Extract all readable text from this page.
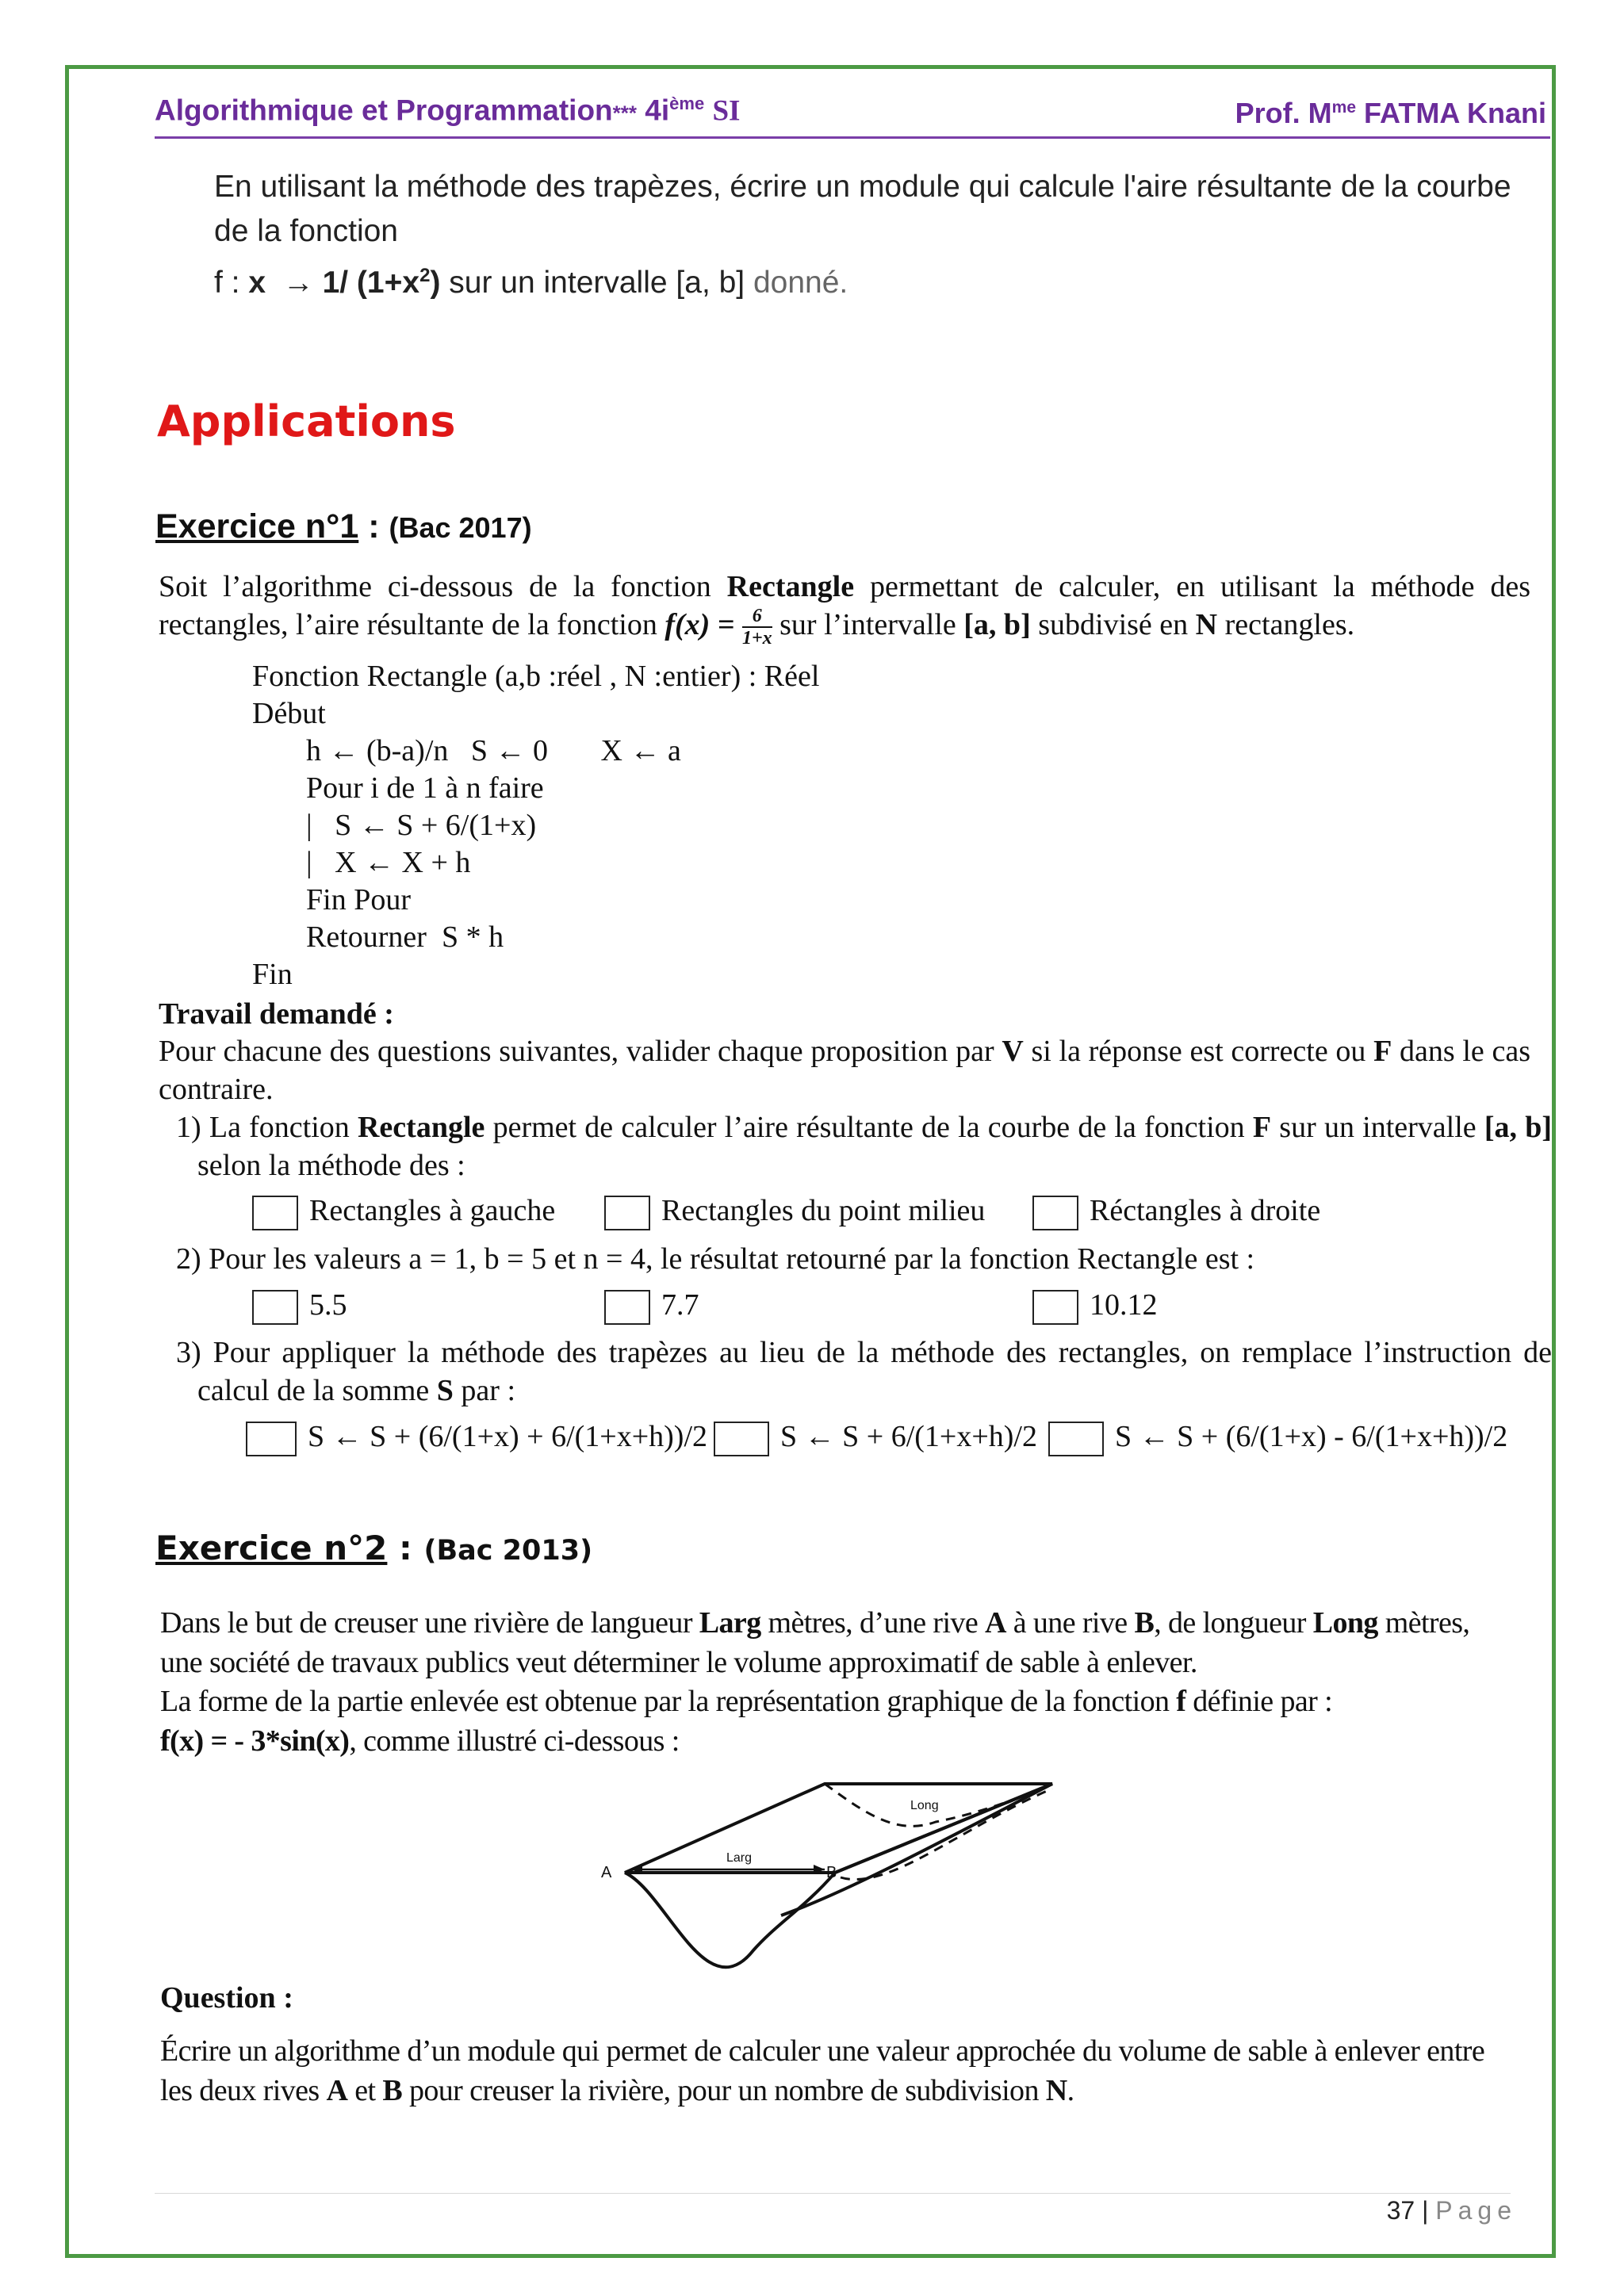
Algorithmique et Programmation*** $4i^{ème}$ SI	Prof. $M^{me}$ FATMA Knani
En utilisant la méthode des trapèzes, écrire un module qui calcule l'aire résultante de la courbe de la fonction
f : x → 1/ $(1+x^2)$ sur un intervalle [a, b] donné.
Applications
Exercice n°1 : (Bac 2017)
Soit l’algorithme ci-dessous de la fonction Rectangle permettant de calculer, en utilisant la méthode des rectangles, l’aire résultante de la fonction $f(x) = \frac{6}{1+x}$ sur l’intervalle [a, b] subdivisé en N rectangles.
Fonction Rectangle (a,b :réel , N :entier) : Réel
Début
h ← (b-a)/n   S ← 0       X ← a
Pour i de 1 à n faire
|   S ← S + 6/(1+x)
|   X ← X + h
Fin Pour
Retourner  S * h
Fin
Travail demandé :
Pour chacune des questions suivantes, valider chaque proposition par V si la réponse est correcte ou F dans le cas contraire.
1) La fonction Rectangle permet de calculer l’aire résultante de la courbe de la fonction F sur un intervalle [a, b] selon la méthode des :
Rectangles à gauche	Rectangles du point milieu	Réctangles à droite
2) Pour les valeurs a = 1, b = 5 et n = 4, le résultat retourné par la fonction Rectangle est :
5.5	7.7	10.12
3) Pour appliquer la méthode des trapèzes au lieu de la méthode des rectangles, on remplace l’instruction de calcul de la somme S par :
S ← S + (6/(1+x) + 6/(1+x+h))/2	S ← S + 6/(1+x+h)/2	S ← S + (6/(1+x) - 6/(1+x+h))/2
Exercice n°2 : (Bac 2013)
Dans le but de creuser une rivière de langueur Larg mètres, d’une rive A à une rive B, de longueur Long mètres, une société de travaux publics veut déterminer le volume approximatif de sable à enlever.
La forme de la partie enlevée est obtenue par la représentation graphique de la fonction f définie par :
f(x) = - 3*sin(x), comme illustré ci-dessous :
Larg
Long
A	B
Question :
Écrire un algorithme d’un module qui permet de calculer une valeur approchée du volume de sable à enlever entre les deux rives A et B pour creuser la rivière, pour un nombre de subdivision N.
37 | Page
